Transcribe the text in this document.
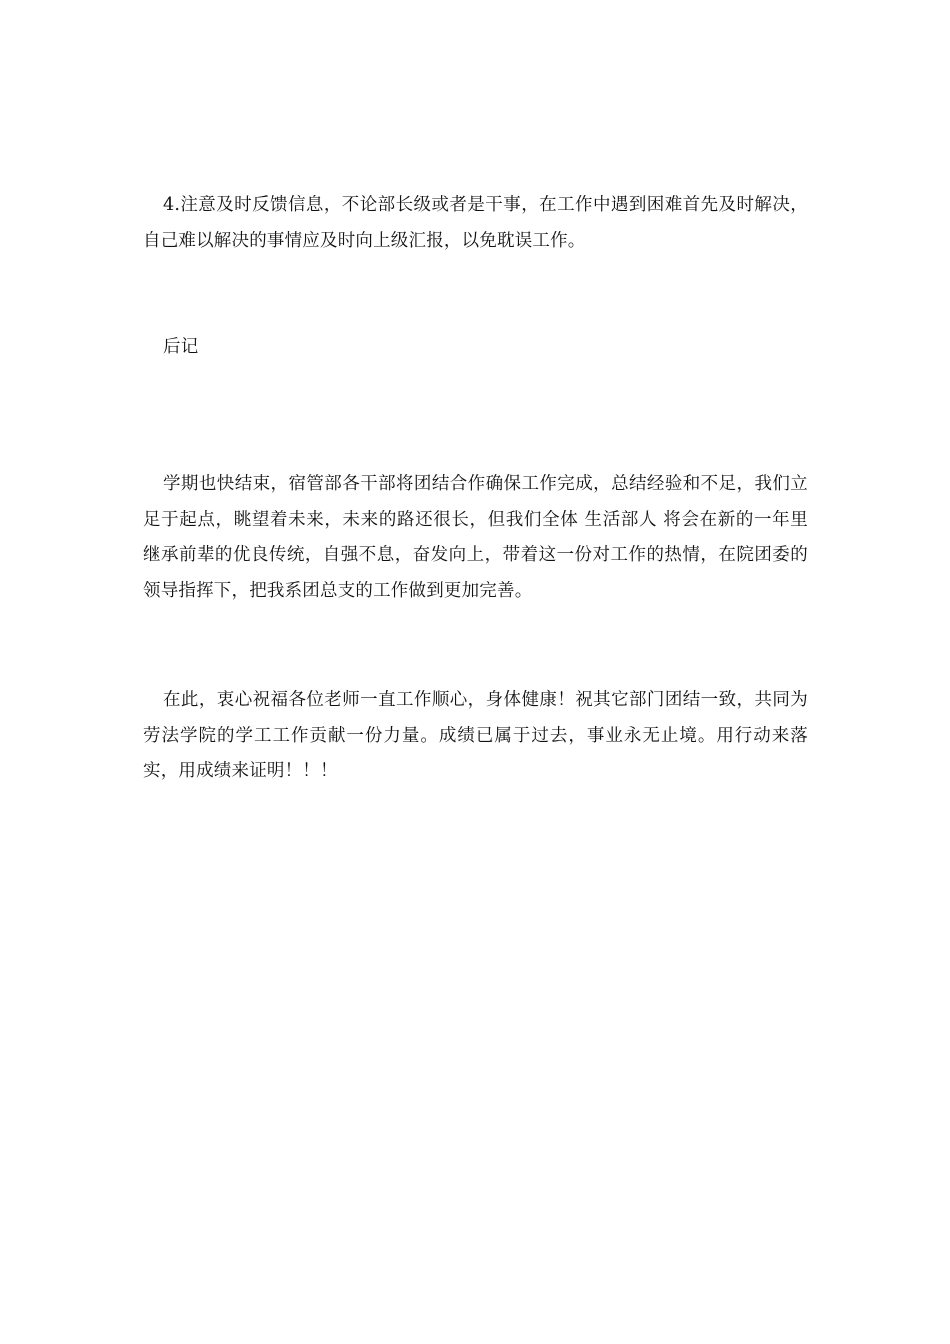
4.注意及时反馈信息，不论部长级或者是干事，在工作中遇到困难首先及时解决，自己难以解决的事情应及时向上级汇报，以免耽误工作。

后记

学期也快结束，宿管部各干部将团结合作确保工作完成，总结经验和不足，我们立足于起点，眺望着未来，未来的路还很长，但我们全体 生活部人 将会在新的一年里继承前辈的优良传统，自强不息，奋发向上，带着这一份对工作的热情，在院团委的领导指挥下，把我系团总支的工作做到更加完善。

在此，衷心祝福各位老师一直工作顺心，身体健康！祝其它部门团结一致，共同为劳法学院的学工工作贡献一份力量。成绩已属于过去，事业永无止境。用行动来落实，用成绩来证明！！！
